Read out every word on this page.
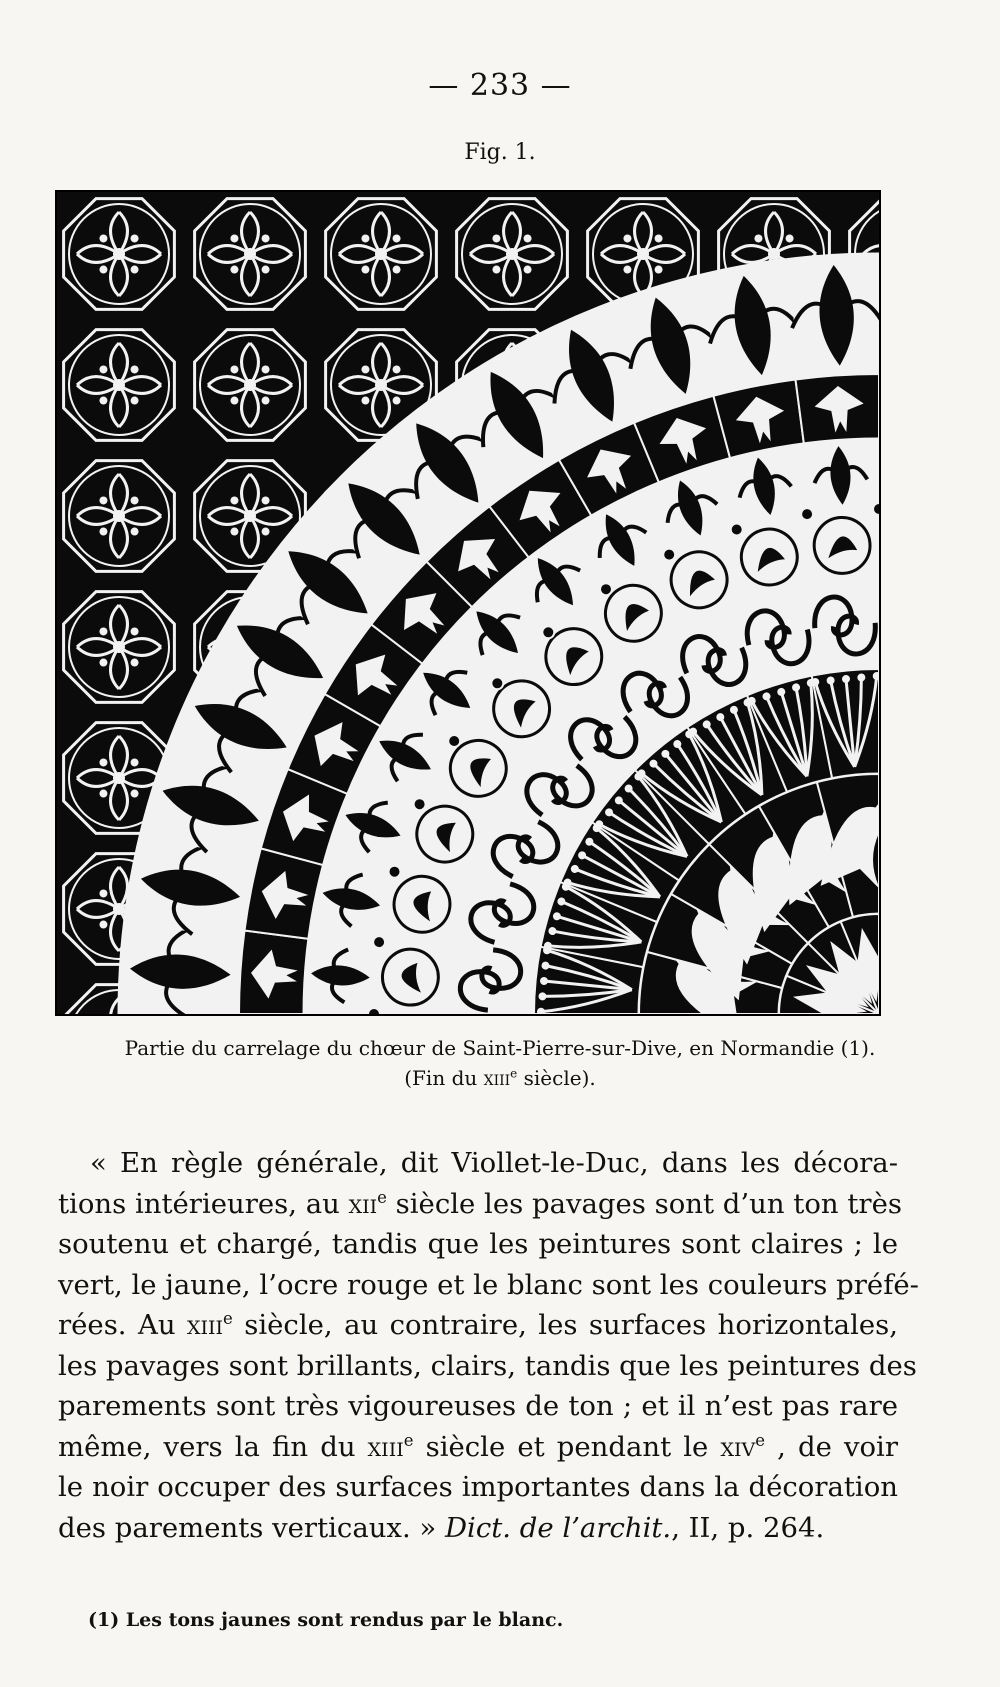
— 233 —
Fig. 1.
Partie du carrelage du chœur de Saint-Pierre-sur-Dive, en Normandie (1).
(Fin du xiii$^e$ siècle).
« En règle générale, dit Viollet-le-Duc, dans les décora-
tions intérieures, au xii$^e$ siècle les pavages sont d’un ton très
soutenu et chargé, tandis que les peintures sont claires ; le
vert, le jaune, l’ocre rouge et le blanc sont les couleurs préfé-
rées. Au xiii$^e$ siècle, au contraire, les surfaces horizontales,
les pavages sont brillants, clairs, tandis que les peintures des
parements sont très vigoureuses de ton ; et il n’est pas rare
même, vers la fin du xiii$^e$ siècle et pendant le xiv$^e$ , de voir
le noir occuper des surfaces importantes dans la décoration
des parements verticaux. » Dict. de l’archit., II, p. 264.
(1) Les tons jaunes sont rendus par le blanc.
